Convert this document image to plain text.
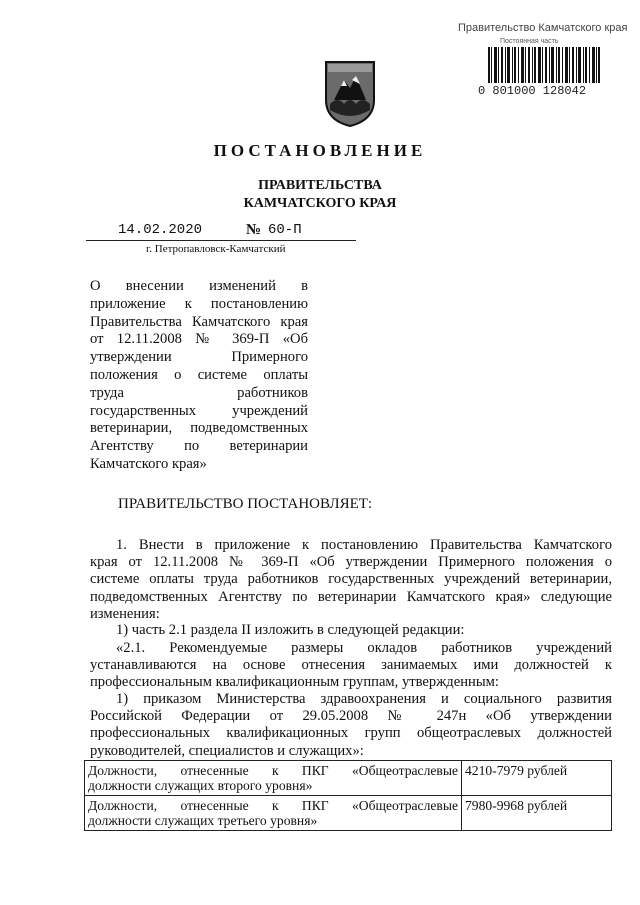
Правительство Камчатского края
Постоянная часть
0 801000 128042
ПОСТАНОВЛЕНИЕ
ПРАВИТЕЛЬСТВА
КАМЧАТСКОГО КРАЯ
14.02.2020	№ 60-П
г. Петропавловск-Камчатский
О внесении изменений в
приложение к постановлению
Правительства Камчатского края
от 12.11.2008 № 369-П «Об
утверждении Примерного
положения о системе оплаты
труда работников
государственных учреждений
ветеринарии, подведомственных
Агентству по ветеринарии
Камчатского края»
ПРАВИТЕЛЬСТВО ПОСТАНОВЛЯЕТ:
1. Внести в приложение к постановлению Правительства Камчатского
края от 12.11.2008 № 369-П «Об утверждении Примерного положения о
системе оплаты труда работников государственных учреждений ветеринарии,
подведомственных Агентству по ветеринарии Камчатского края» следующие
изменения:
1) часть 2.1 раздела II изложить в следующей редакции:
«2.1. Рекомендуемые размеры окладов работников учреждений
устанавливаются на основе отнесения занимаемых ими должностей к
профессиональным квалификационным группам, утвержденным:
1) приказом Министерства здравоохранения и социального развития
Российской Федерации от 29.05.2008 № 247н «Об утверждении
профессиональных квалификационных групп общеотраслевых должностей
руководителей, специалистов и служащих»:
Должности, отнесенные к ПКГ «Общеотраслевые
должности служащих второго уровня»	4210-7979 рублей

Должности, отнесенные к ПКГ «Общеотраслевые
должности служащих третьего уровня»	7980-9968 рублей
